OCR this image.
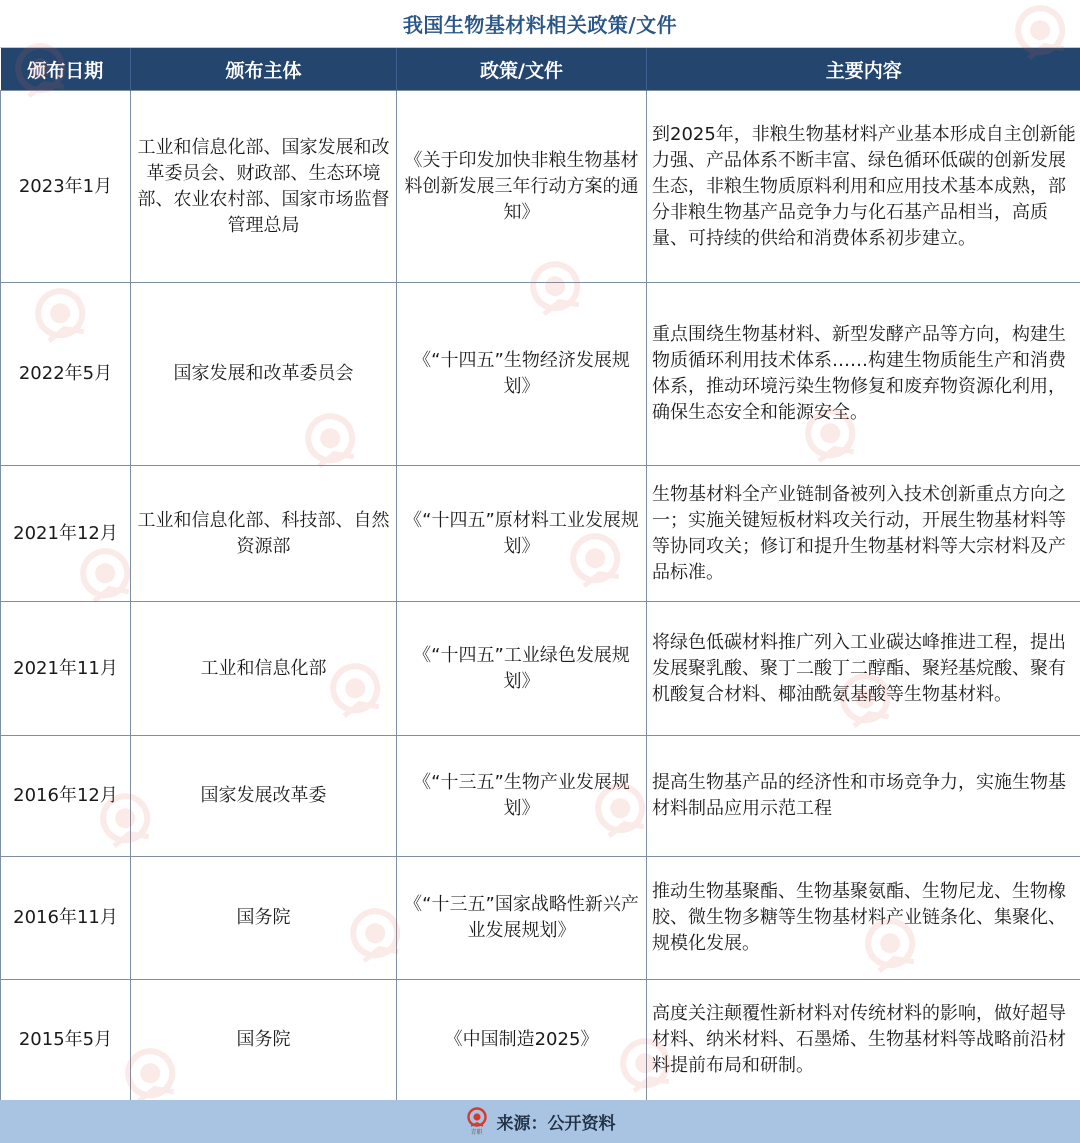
我国生物基材料相关政策/文件
颁布日期	颁布主体	政策/文件	主要内容
2023年1月	工业和信息化部、国家发展和改革委员会、财政部、生态环境部、农业农村部、国家市场监督管理总局	《关于印发加快非粮生物基材料创新发展三年行动方案的通知》	到2025年，非粮生物基材料产业基本形成自主创新能力强、产品体系不断丰富、绿色循环低碳的创新发展生态，非粮生物质原料利用和应用技术基本成熟，部分非粮生物基产品竞争力与化石基产品相当，高质量、可持续的供给和消费体系初步建立。
2022年5月	国家发展和改革委员会	《“十四五”生物经济发展规划》	重点围绕生物基材料、新型发酵产品等方向，构建生物质循环利用技术体系……构建生物质能生产和消费体系，推动环境污染生物修复和废弃物资源化利用，确保生态安全和能源安全。
2021年12月	工业和信息化部、科技部、自然资源部	《“十四五”原材料工业发展规划》	生物基材料全产业链制备被列入技术创新重点方向之一；实施关键短板材料攻关行动，开展生物基材料等等协同攻关；修订和提升生物基材料等大宗材料及产品标准。
2021年11月	工业和信息化部	《“十四五”工业绿色发展规划》	将绿色低碳材料推广列入工业碳达峰推进工程，提出发展聚乳酸、聚丁二酸丁二醇酯、聚羟基烷酸、聚有机酸复合材料、椰油酰氨基酸等生物基材料。
2016年12月	国家发展改革委	《“十三五”生物产业发展规划》	提高生物基产品的经济性和市场竞争力，实施生物基材料制品应用示范工程
2016年11月	国务院	《“十三五”国家战略性新兴产业发展规划》	推动生物基聚酯、生物基聚氨酯、生物尼龙、生物橡胶、微生物多糖等生物基材料产业链条化、集聚化、规模化发展。
2015年5月	国务院	《中国制造2025》	高度关注颠覆性新材料对传统材料的影响，做好超导材料、纳米材料、石墨烯、生物基材料等战略前沿材料提前布局和研制。
青职 来源：公开资料
